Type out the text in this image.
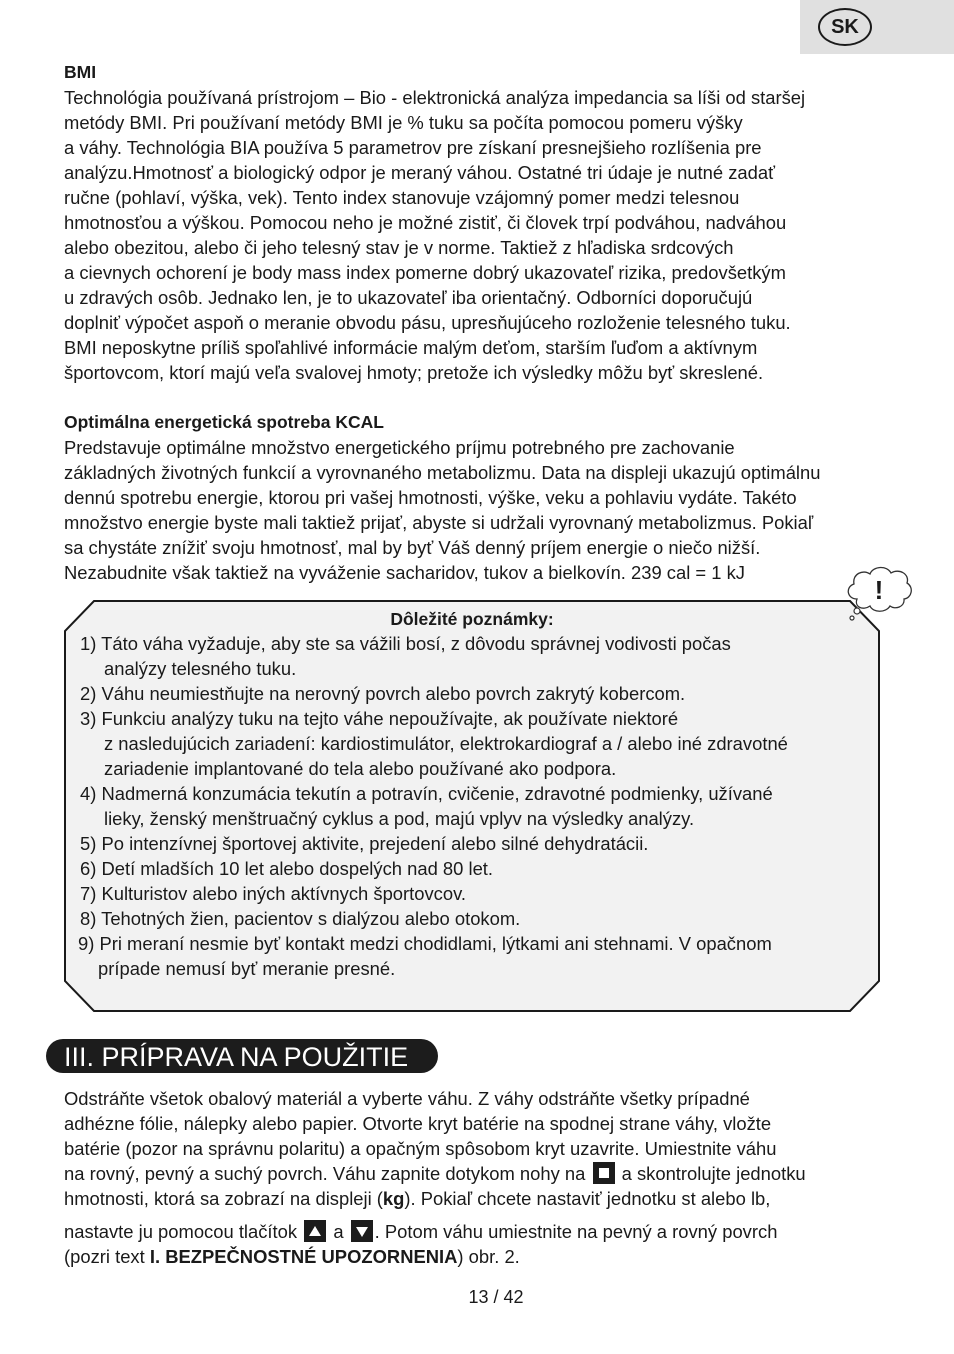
SK

BMI

Technológia používaná prístrojom – Bio - elektronická analýza impedancia sa líši od staršej

metódy BMI. Pri používaní metódy BMI je % tuku sa počíta pomocou pomeru výšky

a váhy. Technológia BIA používa 5 parametrov pre získaní presnejšieho rozlíšenia pre

analýzu.Hmotnosť a biologický odpor je meraný váhou. Ostatné tri údaje je nutné zadať

ručne (pohlaví, výška, vek). Tento index stanovuje vzájomný pomer medzi telesnou

hmotnosťou a výškou. Pomocou neho je možné zistiť, či človek trpí podváhou, nadváhou

alebo obezitou, alebo či jeho telesný stav je v norme. Taktiež z hľadiska srdcových

a cievnych ochorení je body mass index pomerne dobrý ukazovateľ rizika, predovšetkým

u zdravých osôb. Jednako len, je to ukazovateľ iba orientačný. Odborníci doporučujú

doplniť výpočet aspoň o meranie obvodu pásu, upresňujúceho rozloženie telesného tuku.

BMI neposkytne príliš spoľahlivé informácie malým deťom, starším ľuďom a aktívnym

športovcom, ktorí majú veľa svalovej hmoty; pretože ich výsledky môžu byť skreslené.

Optimálna energetická spotreba KCAL

Predstavuje optimálne množstvo energetického príjmu potrebného pre zachovanie

základných životných funkcií a vyrovnaného metabolizmu. Data na displeji ukazujú optimálnu

dennú spotrebu energie, ktorou pri vašej hmotnosti, výške, veku a pohlaviu vydáte. Takéto

množstvo energie byste mali taktiež prijať, abyste si udržali vyrovnaný metabolizmus. Pokiaľ

sa chystáte znížiť svoju hmotnosť, mal by byť Váš denný príjem energie o niečo nižší.

Nezabudnite však taktiež na vyváženie sacharidov, tukov a bielkovín. 239 cal = 1 kJ

Dôležité poznámky:

1) Táto váha vyžaduje, aby ste sa vážili bosí, z dôvodu správnej vodivosti počas

analýzy telesného tuku.

2) Váhu neumiestňujte na nerovný povrch alebo povrch zakrytý kobercom.

3) Funkciu analýzy tuku na tejto váhe nepoužívajte, ak používate niektoré

z nasledujúcich zariadení: kardiostimulátor, elektrokardiograf a / alebo iné zdravotné

zariadenie implantované do tela alebo používané ako podpora.

4) Nadmerná konzumácia tekutín a potravín, cvičenie, zdravotné podmienky, užívané

lieky, ženský menštruačný cyklus a pod, majú vplyv na výsledky analýzy.

5) Po intenzívnej športovej aktivite, prejedení alebo silné dehydratácii.

6) Detí mladších 10 let alebo dospelých nad 80 let.

7) Kulturistov alebo iných aktívnych športovcov.

8) Tehotných žien, pacientov s dialýzou alebo otokom.

9) Pri meraní nesmie byť kontakt medzi chodidlami, lýtkami ani stehnami. V opačnom

prípade nemusí byť meranie presné.

!
III. PRÍPRAVA NA POUŽITIE

Odstráňte všetok obalový materiál a vyberte váhu. Z váhy odstráňte všetky prípadné

adhézne fólie, nálepky alebo papier. Otvorte kryt batérie na spodnej strane váhy, vložte

batérie (pozor na správnu polaritu) a opačným spôsobom kryt uzavrite. Umiestnite váhu

na rovný, pevný a suchý povrch. Váhu zapnite dotykom nohy na  a skontrolujte jednotku

hmotnosti, ktorá sa zobrazí na displeji (kg). Pokiaľ chcete nastaviť jednotku st alebo lb,

nastavte ju pomocou tlačítok  a . Potom váhu umiestnite na pevný a rovný povrch

(pozri text I. BEZPEČNOSTNÉ UPOZORNENIA) obr. 2.

13 / 42
